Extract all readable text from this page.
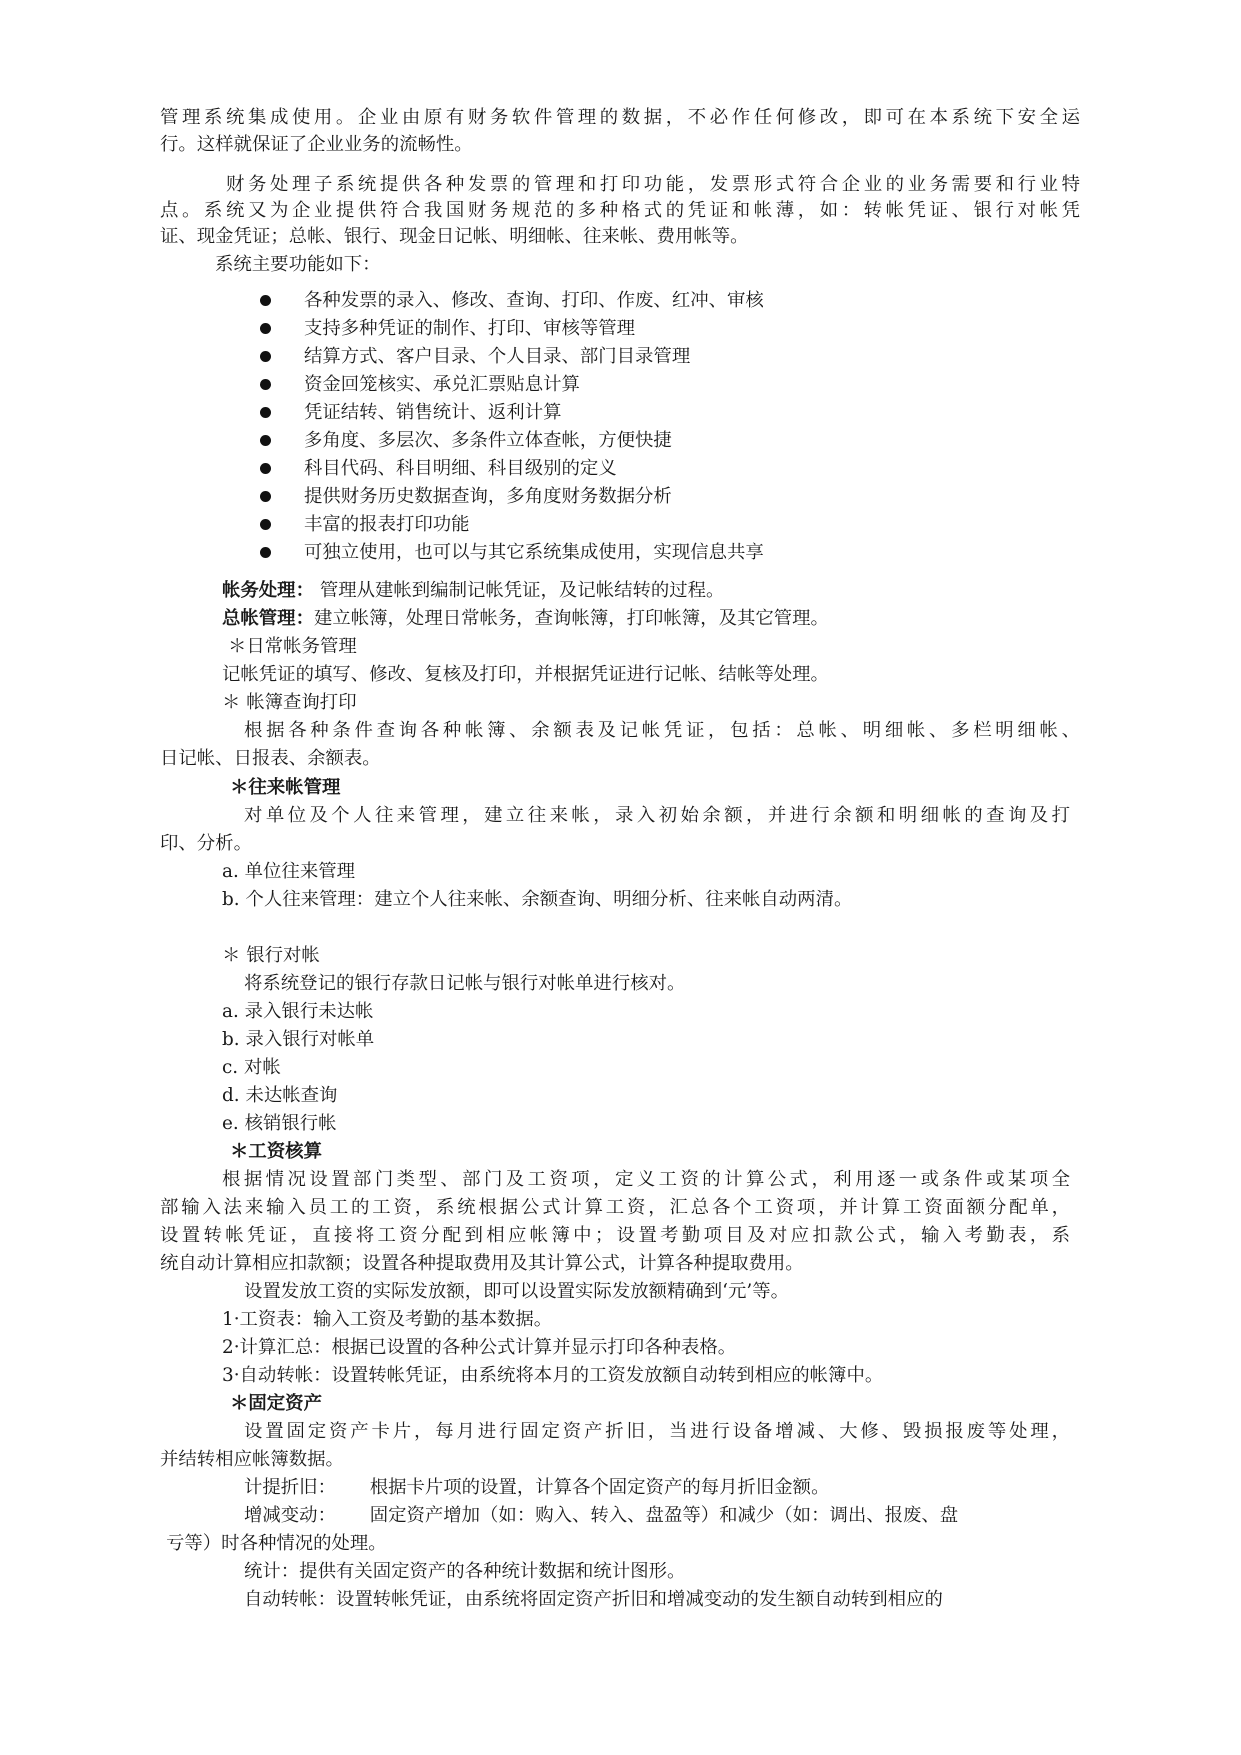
管理系统集成使用。企业由原有财务软件管理的数据，不必作任何修改，即可在本系统下安全运
行。这样就保证了企业业务的流畅性。
财务处理子系统提供各种发票的管理和打印功能，发票形式符合企业的业务需要和行业特
点。系统又为企业提供符合我国财务规范的多种格式的凭证和帐薄，如：转帐凭证、银行对帐凭
证、现金凭证；总帐、银行、现金日记帐、明细帐、往来帐、费用帐等。
系统主要功能如下：
各种发票的录入、修改、查询、打印、作废、红冲、审核
支持多种凭证的制作、打印、审核等管理
结算方式、客户目录、个人目录、部门目录管理
资金回笼核实、承兑汇票贴息计算
凭证结转、销售统计、返利计算
多角度、多层次、多条件立体查帐，方便快捷
科目代码、科目明细、科目级别的定义
提供财务历史数据查询，多角度财务数据分析
丰富的报表打印功能
可独立使用，也可以与其它系统集成使用，实现信息共享
帐务处理： 管理从建帐到编制记帐凭证，及记帐结转的过程。
总帐管理：建立帐簿，处理日常帐务，查询帐簿，打印帐簿，及其它管理。
＊日常帐务管理
记帐凭证的填写、修改、复核及打印，并根据凭证进行记帐、结帐等处理。
＊ 帐簿查询打印
根据各种条件查询各种帐簿、余额表及记帐凭证，包括：总帐、明细帐、多栏明细帐、
日记帐、日报表、余额表。
＊往来帐管理
对单位及个人往来管理，建立往来帐，录入初始余额，并进行余额和明细帐的查询及打
印、分析。
a. 单位往来管理
b. 个人往来管理：建立个人往来帐、余额查询、明细分析、往来帐自动两清。
＊ 银行对帐
将系统登记的银行存款日记帐与银行对帐单进行核对。
a. 录入银行未达帐
b. 录入银行对帐单
c. 对帐
d. 未达帐查询
e. 核销银行帐
＊工资核算
根据情况设置部门类型、部门及工资项，定义工资的计算公式，利用逐一或条件或某项全
部输入法来输入员工的工资，系统根据公式计算工资，汇总各个工资项，并计算工资面额分配单，
设置转帐凭证，直接将工资分配到相应帐簿中；设置考勤项目及对应扣款公式，输入考勤表，系
统自动计算相应扣款额；设置各种提取费用及其计算公式，计算各种提取费用。
设置发放工资的实际发放额，即可以设置实际发放额精确到‘元’等。
1·工资表：输入工资及考勤的基本数据。
2·计算汇总：根据已设置的各种公式计算并显示打印各种表格。
3·自动转帐：设置转帐凭证，由系统将本月的工资发放额自动转到相应的帐簿中。
＊固定资产
设置固定资产卡片，每月进行固定资产折旧，当进行设备增减、大修、毁损报废等处理，
并结转相应帐簿数据。
计提折旧： 根据卡片项的设置，计算各个固定资产的每月折旧金额。
增减变动： 固定资产增加（如：购入、转入、盘盈等）和减少（如：调出、报废、盘
亏等）时各种情况的处理。
统计：提供有关固定资产的各种统计数据和统计图形。
自动转帐：设置转帐凭证，由系统将固定资产折旧和增减变动的发生额自动转到相应的
